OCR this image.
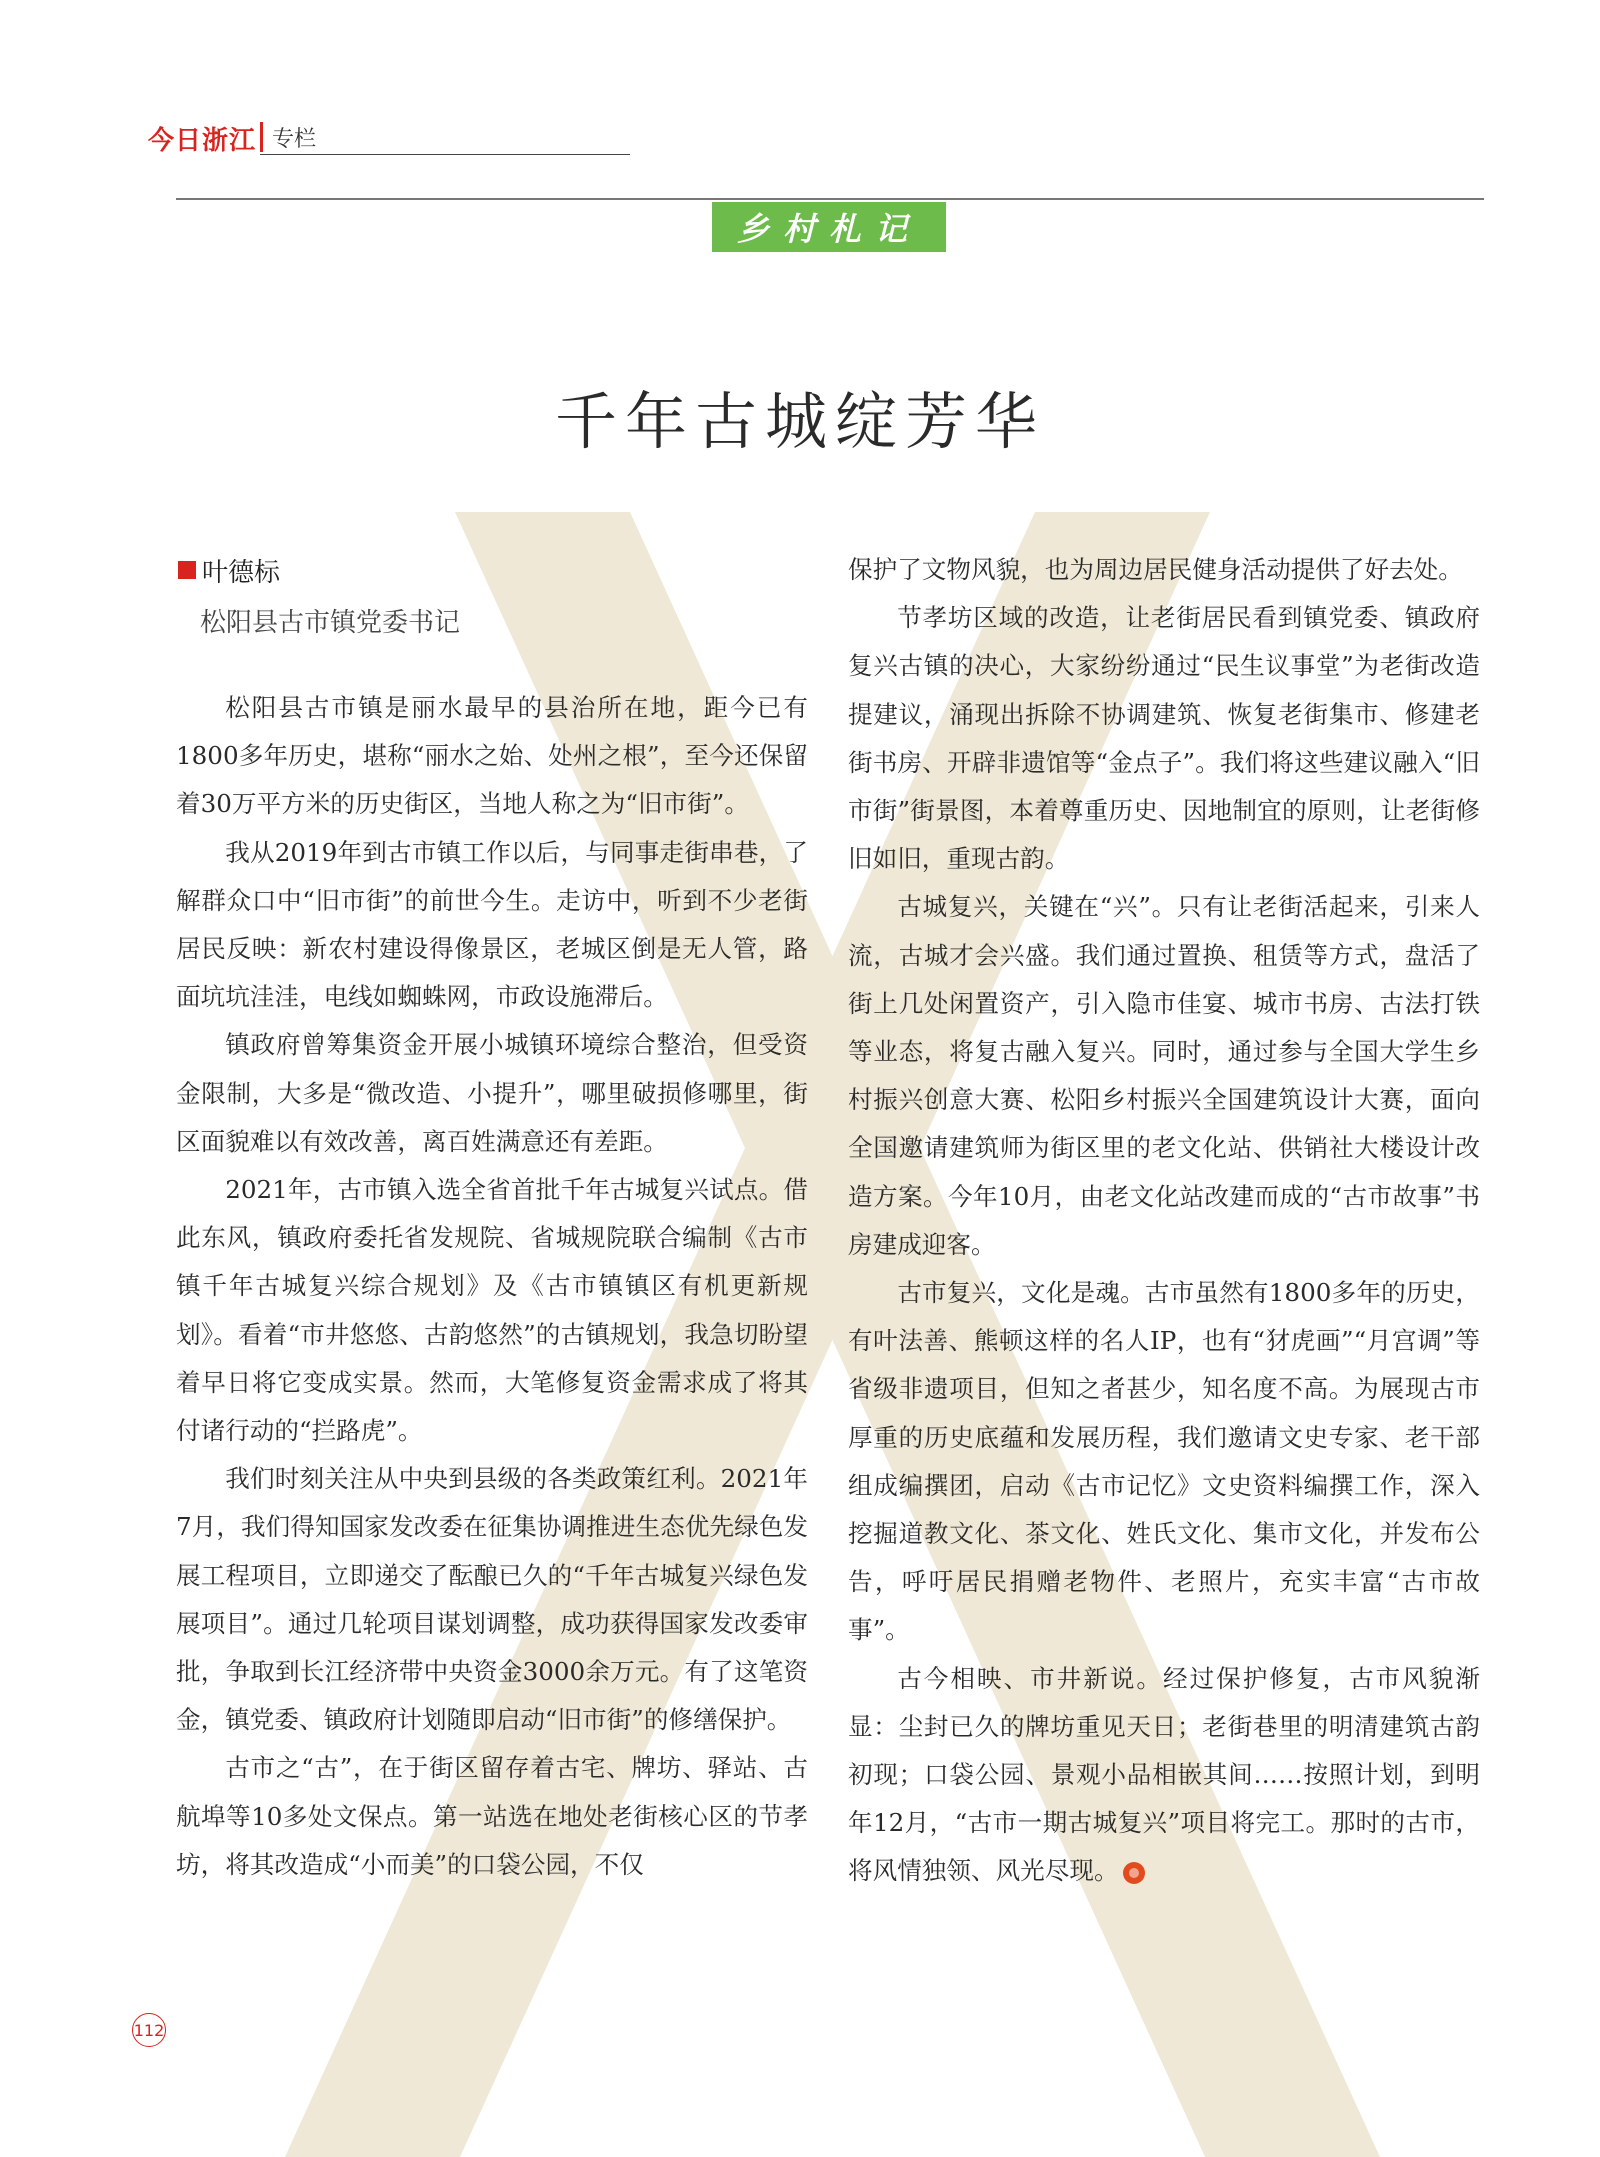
今日浙江 专栏
乡村札记
千年古城绽芳华
叶德标
松阳县古市镇党委书记

松阳县古市镇是丽水最早的县治所在地，距今已有1800多年历史，堪称“丽水之始、处州之根”，至今还保留着30万平方米的历史街区，当地人称之为“旧市街”。

我从2019年到古市镇工作以后，与同事走街串巷，了解群众口中“旧市街”的前世今生。走访中，听到不少老街居民反映：新农村建设得像景区，老城区倒是无人管，路面坑坑洼洼，电线如蜘蛛网，市政设施滞后。

镇政府曾筹集资金开展小城镇环境综合整治，但受资金限制，大多是“微改造、小提升”，哪里破损修哪里，街区面貌难以有效改善，离百姓满意还有差距。

2021年，古市镇入选全省首批千年古城复兴试点。借此东风，镇政府委托省发规院、省城规院联合编制《古市镇千年古城复兴综合规划》及《古市镇镇区有机更新规划》。看着“市井悠悠、古韵悠然”的古镇规划，我急切盼望着早日将它变成实景。然而，大笔修复资金需求成了将其付诸行动的“拦路虎”。

我们时刻关注从中央到县级的各类政策红利。2021年7月，我们得知国家发改委在征集协调推进生态优先绿色发展工程项目，立即递交了酝酿已久的“千年古城复兴绿色发展项目”。通过几轮项目谋划调整，成功获得国家发改委审批，争取到长江经济带中央资金3000余万元。有了这笔资金，镇党委、镇政府计划随即启动“旧市街”的修缮保护。

古市之“古”，在于街区留存着古宅、牌坊、驿站、古航埠等10多处文保点。第一站选在地处老街核心区的节孝坊，将其改造成“小而美”的口袋公园，不仅

保护了文物风貌，也为周边居民健身活动提供了好去处。

节孝坊区域的改造，让老街居民看到镇党委、镇政府复兴古镇的决心，大家纷纷通过“民生议事堂”为老街改造提建议，涌现出拆除不协调建筑、恢复老街集市、修建老街书房、开辟非遗馆等“金点子”。我们将这些建议融入“旧市街”街景图，本着尊重历史、因地制宜的原则，让老街修旧如旧，重现古韵。

古城复兴，关键在“兴”。只有让老街活起来，引来人流，古城才会兴盛。我们通过置换、租赁等方式，盘活了街上几处闲置资产，引入隐市佳宴、城市书房、古法打铁等业态，将复古融入复兴。同时，通过参与全国大学生乡村振兴创意大赛、松阳乡村振兴全国建筑设计大赛，面向全国邀请建筑师为街区里的老文化站、供销社大楼设计改造方案。今年10月，由老文化站改建而成的“古市故事”书房建成迎客。

古市复兴，文化是魂。古市虽然有1800多年的历史，有叶法善、熊顿这样的名人IP，也有“犲虎画”“月宫调”等省级非遗项目，但知之者甚少，知名度不高。为展现古市厚重的历史底蕴和发展历程，我们邀请文史专家、老干部组成编撰团，启动《古市记忆》文史资料编撰工作，深入挖掘道教文化、茶文化、姓氏文化、集市文化，并发布公告，呼吁居民捐赠老物件、老照片，充实丰富“古市故事”。

古今相映、市井新说。经过保护修复，古市风貌渐显：尘封已久的牌坊重见天日；老街巷里的明清建筑古韵初现；口袋公园、景观小品相嵌其间……按照计划，到明年12月，“古市一期古城复兴”项目将完工。那时的古市，将风情独领、风光尽现。

112
